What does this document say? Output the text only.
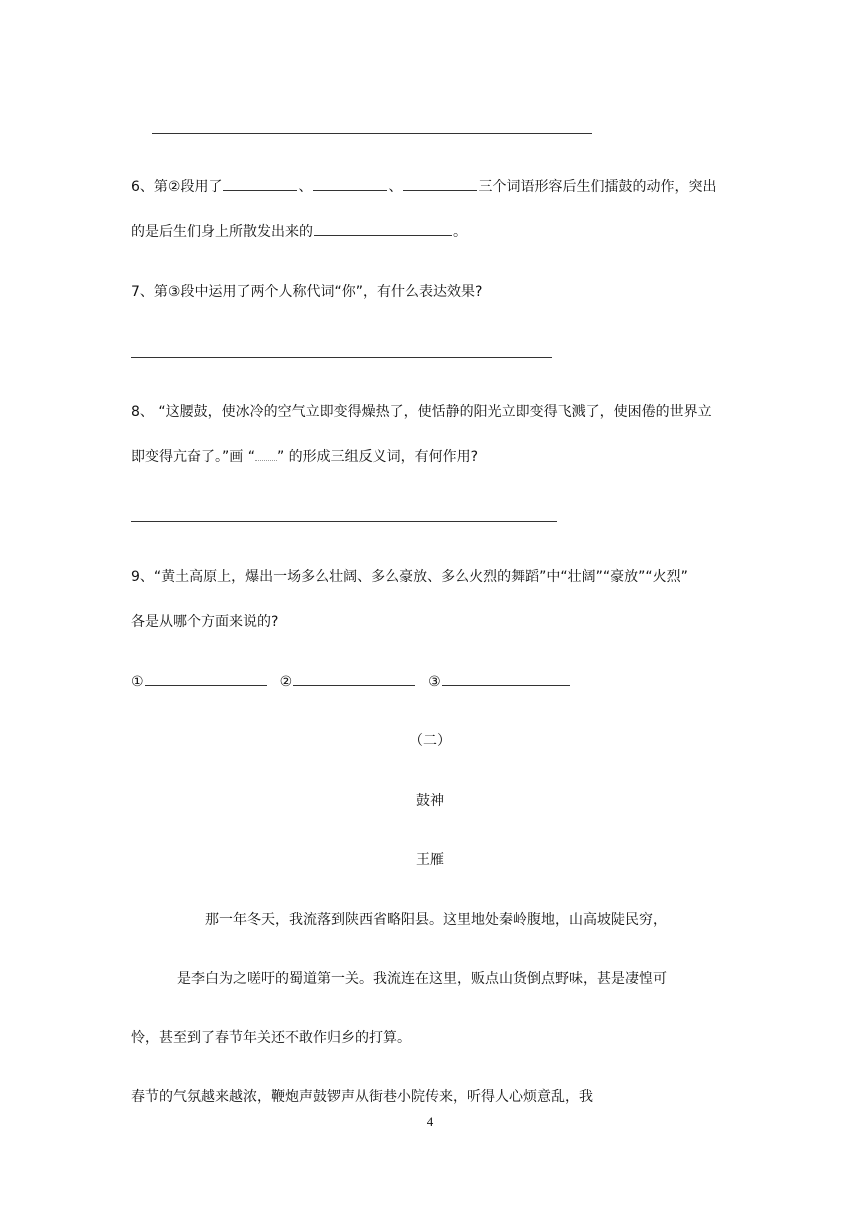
6、第②段用了	、	、	三个词语形容后生们擂鼓的动作，突出
的是后生们身上所散发出来的	。
7、第③段中运用了两个人称代词“你”，有什么表达效果?
8、 “这腰鼓，使冰冷的空气立即变得燥热了，使恬静的阳光立即变得飞溅了，使困倦的世界立
即变得亢奋了。”画 “ ” 的形成三组反义词，有何作用?
9、“黄土高原上，爆出一场多么壮阔、多么豪放、多么火烈的舞蹈”中“壮阔”“豪放”“火烈”
各是从哪个方面来说的?
①	②	③
（二）
鼓神
王雁
那一年冬天，我流落到陕西省略阳县。这里地处秦岭腹地，山高坡陡民穷，
是李白为之嗟吁的蜀道第一关。我流连在这里，贩点山货倒点野味，甚是凄惶可
怜，甚至到了春节年关还不敢作归乡的打算。
春节的气氛越来越浓，鞭炮声鼓锣声从街巷小院传来，听得人心烦意乱，我
4
